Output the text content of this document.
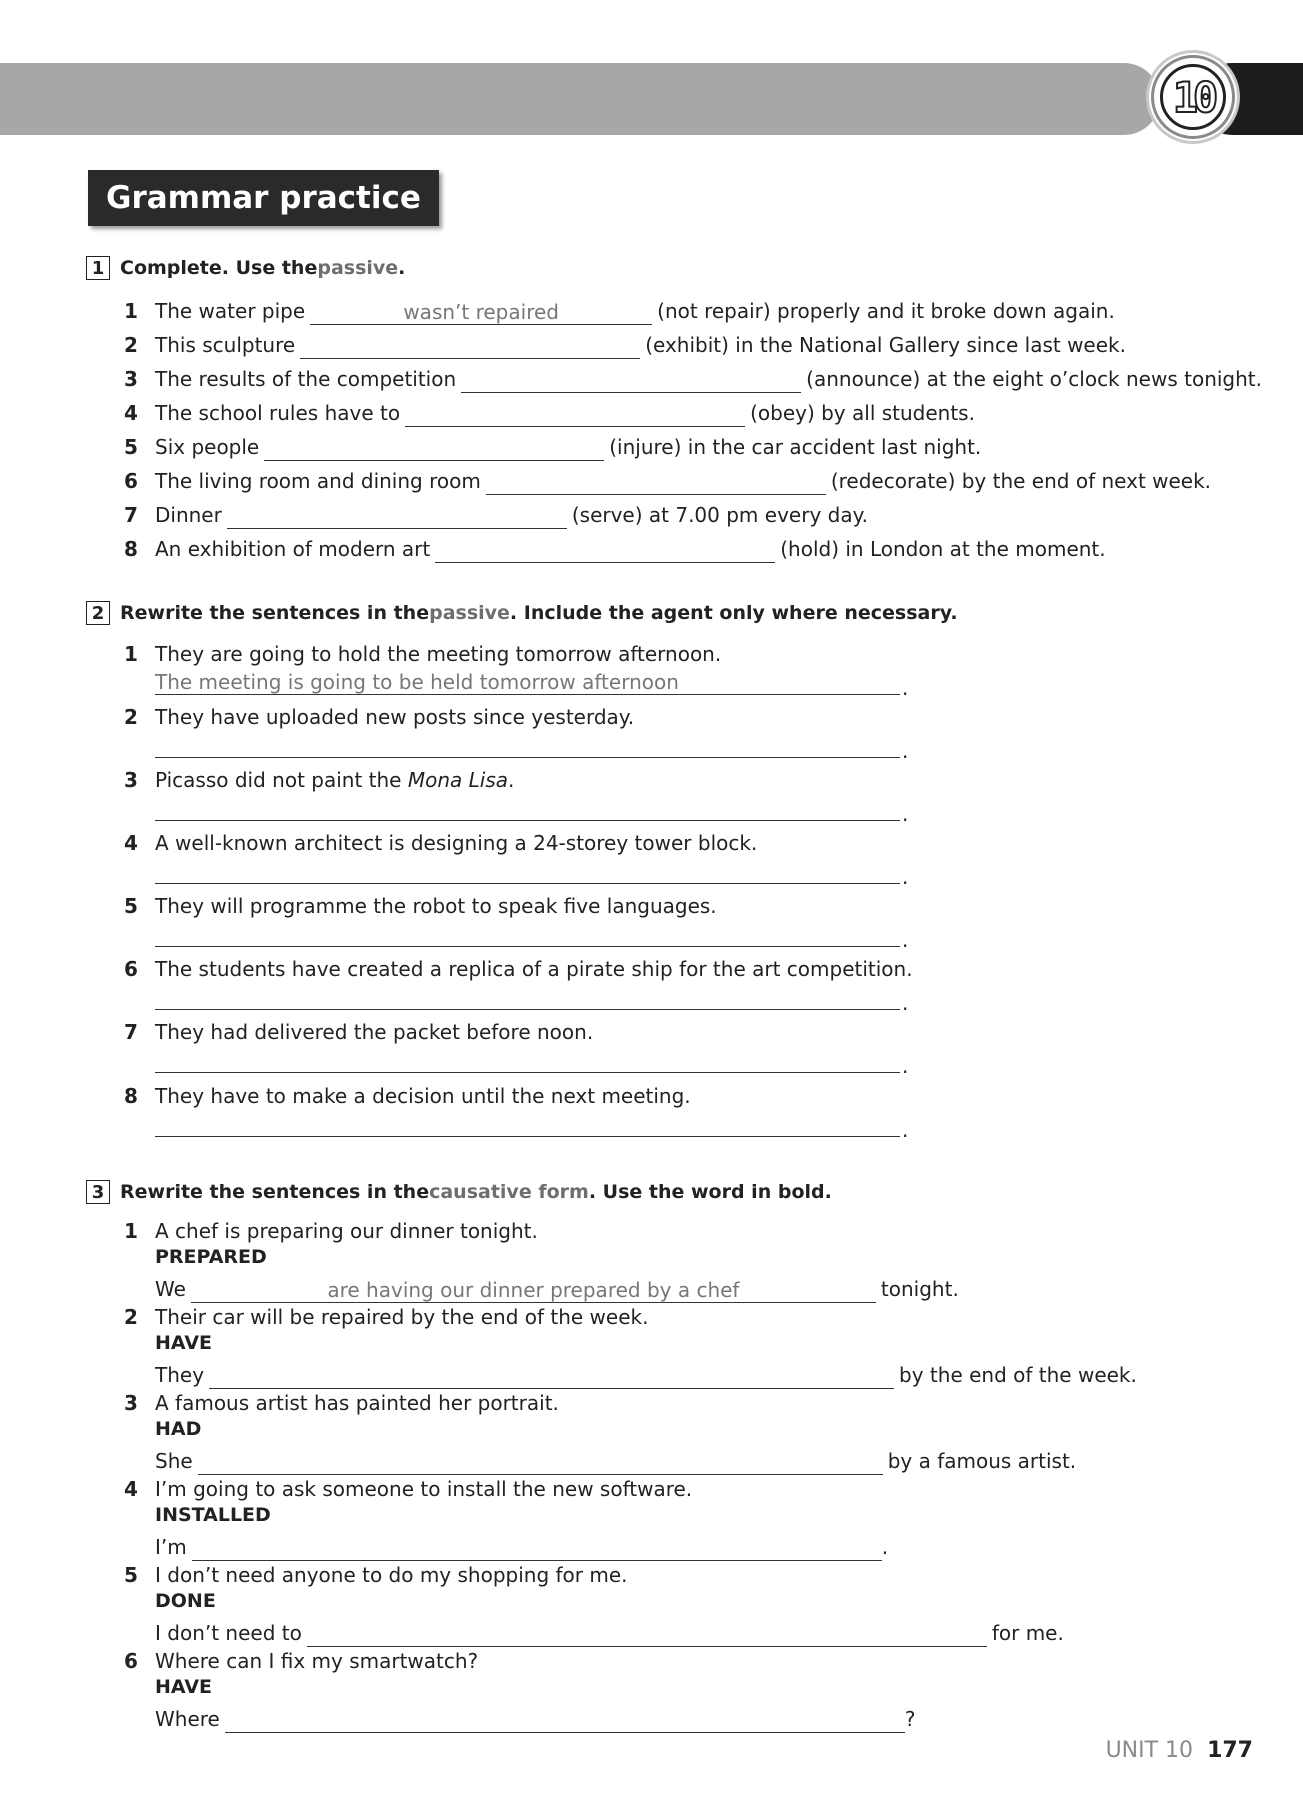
10
Grammar practice
1 Complete. Use the passive .
1 The water pipe	wasn’t repaired	(not repair) properly and it broke down again.
2 This sculpture	(exhibit) in the National Gallery since last week.
3 The results of the competition	(announce) at the eight o’clock news tonight.
4 The school rules have to	(obey) by all students.
5 Six people	(injure) in the car accident last night.
6 The living room and dining room	(redecorate) by the end of next week.
7 Dinner	(serve) at 7.00 pm every day.
8 An exhibition of modern art	(hold) in London at the moment.
2 Rewrite the sentences in the passive . Include the agent only where necessary.
1 They are going to hold the meeting tomorrow afternoon.
The meeting is going to be held tomorrow afternoon	.
2 They have uploaded new posts since yesterday.
.
3 Picasso did not paint the
Mona Lisa .
.
4 A well-known architect is designing a 24-storey tower block.
.
5 They will programme the robot to speak five languages.
.
6 The students have created a replica of a pirate ship for the art competition.
.
7 They had delivered the packet before noon.
.
8 They have to make a decision until the next meeting.
.
3 Rewrite the sentences in the causative form . Use the word in bold.
1 A chef is preparing our dinner tonight.
PREPARED
We	are having our dinner prepared by a chef	tonight.
2 Their car will be repaired by the end of the week.
HAVE
They	by the end of the week.
3 A famous artist has painted her portrait.
HAD
She	by a famous artist.
4 I’m going to ask someone to install the new software.
INSTALLED
I’m	.
5 I don’t need anyone to do my shopping for me.
DONE
I don’t need to	for me.
6 Where can I fix my smartwatch?
HAVE
Where	?
UNIT 10 177
